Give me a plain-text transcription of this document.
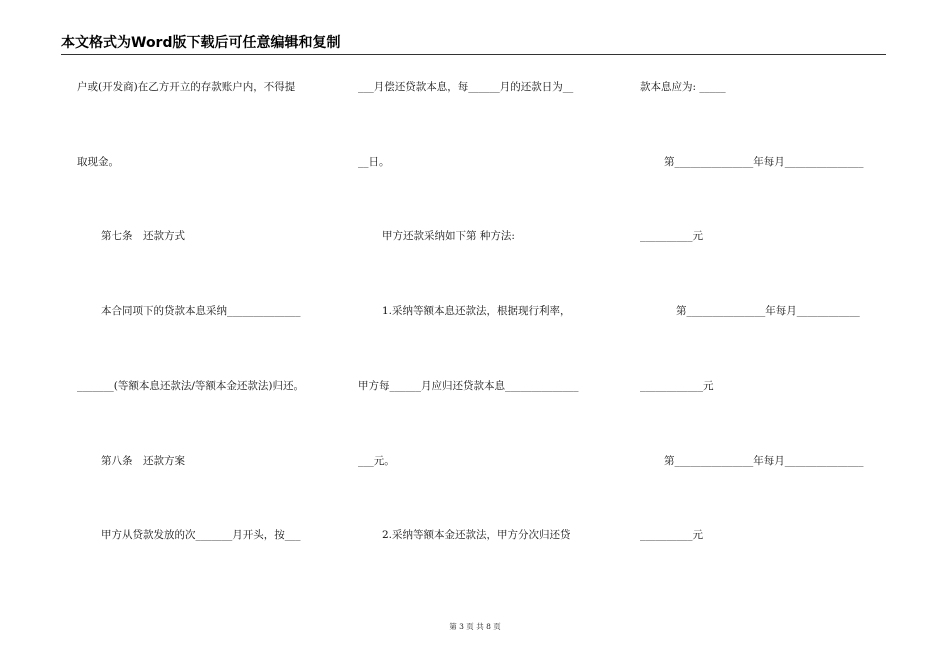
本文格式为Word版下载后可任意编辑和复制
户或(开发商)在乙方开立的存款账户内，不得提
取现金。
第七条　还款方式
本合同项下的贷款本息采纳______________
_______(等额本息还款法/等额本金还款法)归还。
第八条　还款方案
甲方从贷款发放的次_______月开头，按___
___月偿还贷款本息，每______月的还款日为__
__日。
甲方还款采纳如下第 种方法:
1.采纳等额本息还款法，根据现行利率，
甲方每______月应归还贷款本息______________
___元。
2.采纳等额本金还款法，甲方分次归还贷
款本息应为: _____
第_______________年每月_______________
__________元
第_______________年每月____________
____________元
第_______________年每月_______________
__________元
第 3 页 共 8 页
